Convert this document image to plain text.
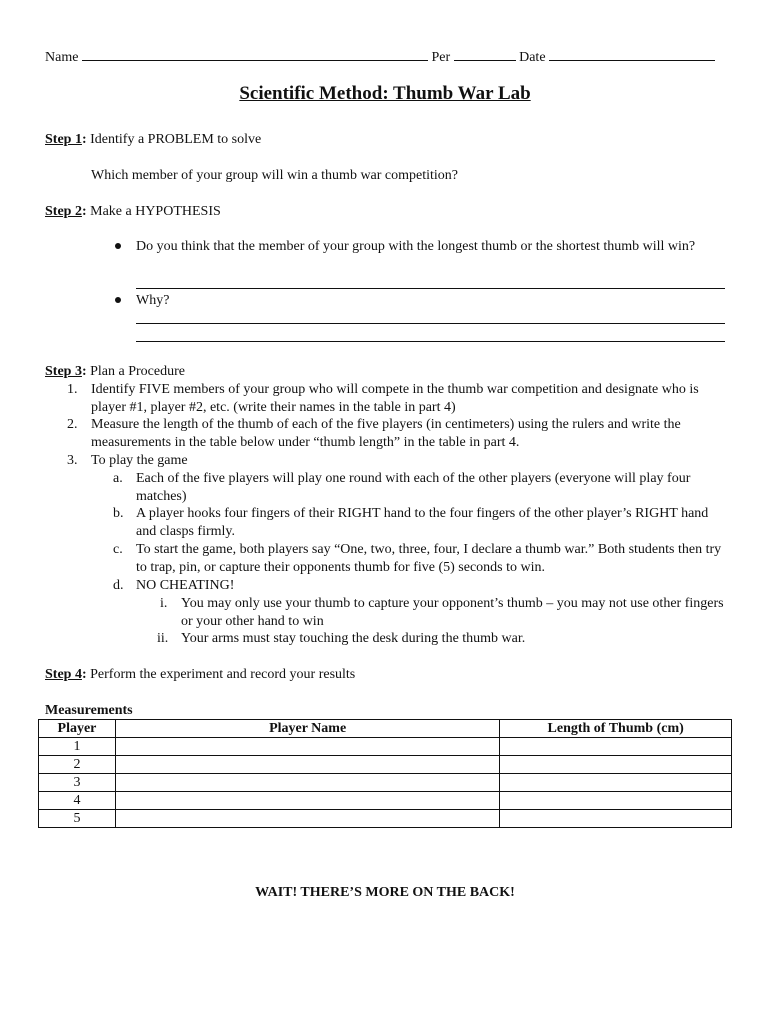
Name	Per	Date
Scientific Method: Thumb War Lab
Step 1: Identify a PROBLEM to solve
Which member of your group will win a thumb war competition?
Step 2: Make a HYPOTHESIS
Do you think that the member of your group with the longest thumb or the shortest thumb will win?
Why?
Step 3: Plan a Procedure
1. Identify FIVE members of your group who will compete in the thumb war competition and designate who is player #1, player #2, etc. (write their names in the table in part 4)
2. Measure the length of the thumb of each of the five players (in centimeters) using the rulers and write the measurements in the table below under “thumb length” in the table in part 4.
3. To play the game
a. Each of the five players will play one round with each of the other players (everyone will play four matches)
b. A player hooks four fingers of their RIGHT hand to the four fingers of the other player’s RIGHT hand and clasps firmly.
c. To start the game, both players say “One, two, three, four, I declare a thumb war.” Both students then try to trap, pin, or capture their opponents thumb for five (5) seconds to win.
d. NO CHEATING!
i. You may only use your thumb to capture your opponent’s thumb – you may not use other fingers or your other hand to win
ii. Your arms must stay touching the desk during the thumb war.
Step 4: Perform the experiment and record your results
Measurements
Player	Player Name	Length of Thumb (cm)
1		
2		
3		
4		
5		
WAIT! THERE’S MORE ON THE BACK!
